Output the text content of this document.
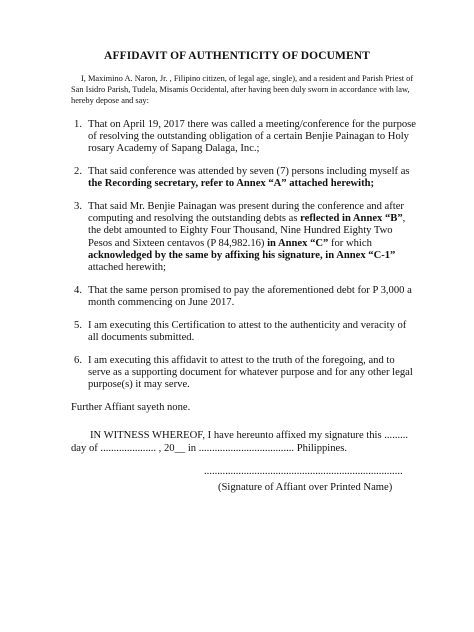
AFFIDAVIT OF AUTHENTICITY OF DOCUMENT
I, Maximino A. Naron, Jr. , Filipino citizen, of legal age, single), and a resident and Parish Priest of San Isidro Parish, Tudela, Misamis Occidental, after having been duly sworn in accordance with law, hereby depose and say:
1. That on April 19, 2017 there was called a meeting/conference for the purpose of resolving the outstanding obligation of a certain Benjie Painagan to Holy rosary Academy of Sapang Dalaga, Inc.;
2. That said conference was attended by seven (7) persons including myself as the Recording secretary, refer to Annex “A” attached herewith;
3. That said Mr. Benjie Painagan was present during the conference and after computing and resolving the outstanding debts as reflected in Annex “B”, the debt amounted to Eighty Four Thousand, Nine Hundred Eighty Two Pesos and Sixteen centavos (P 84,982.16) in Annex “C” for which acknowledged by the same by affixing his signature, in Annex “C-1” attached herewith;
4. That the same person promised to pay the aforementioned debt for P 3,000 a month commencing on June 2017.
5. I am executing this Certification to attest to the authenticity and veracity of all documents submitted.
6. I am executing this affidavit to attest to the truth of the foregoing, and to serve as a supporting document for whatever purpose and for any other legal purpose(s) it may serve.
Further Affiant sayeth none.
IN WITNESS WHEREOF, I have hereunto affixed my signature this .........
day of ..................... , 20__ in .................................... Philippines.
...........................................................................
(Signature of Affiant over Printed Name)
